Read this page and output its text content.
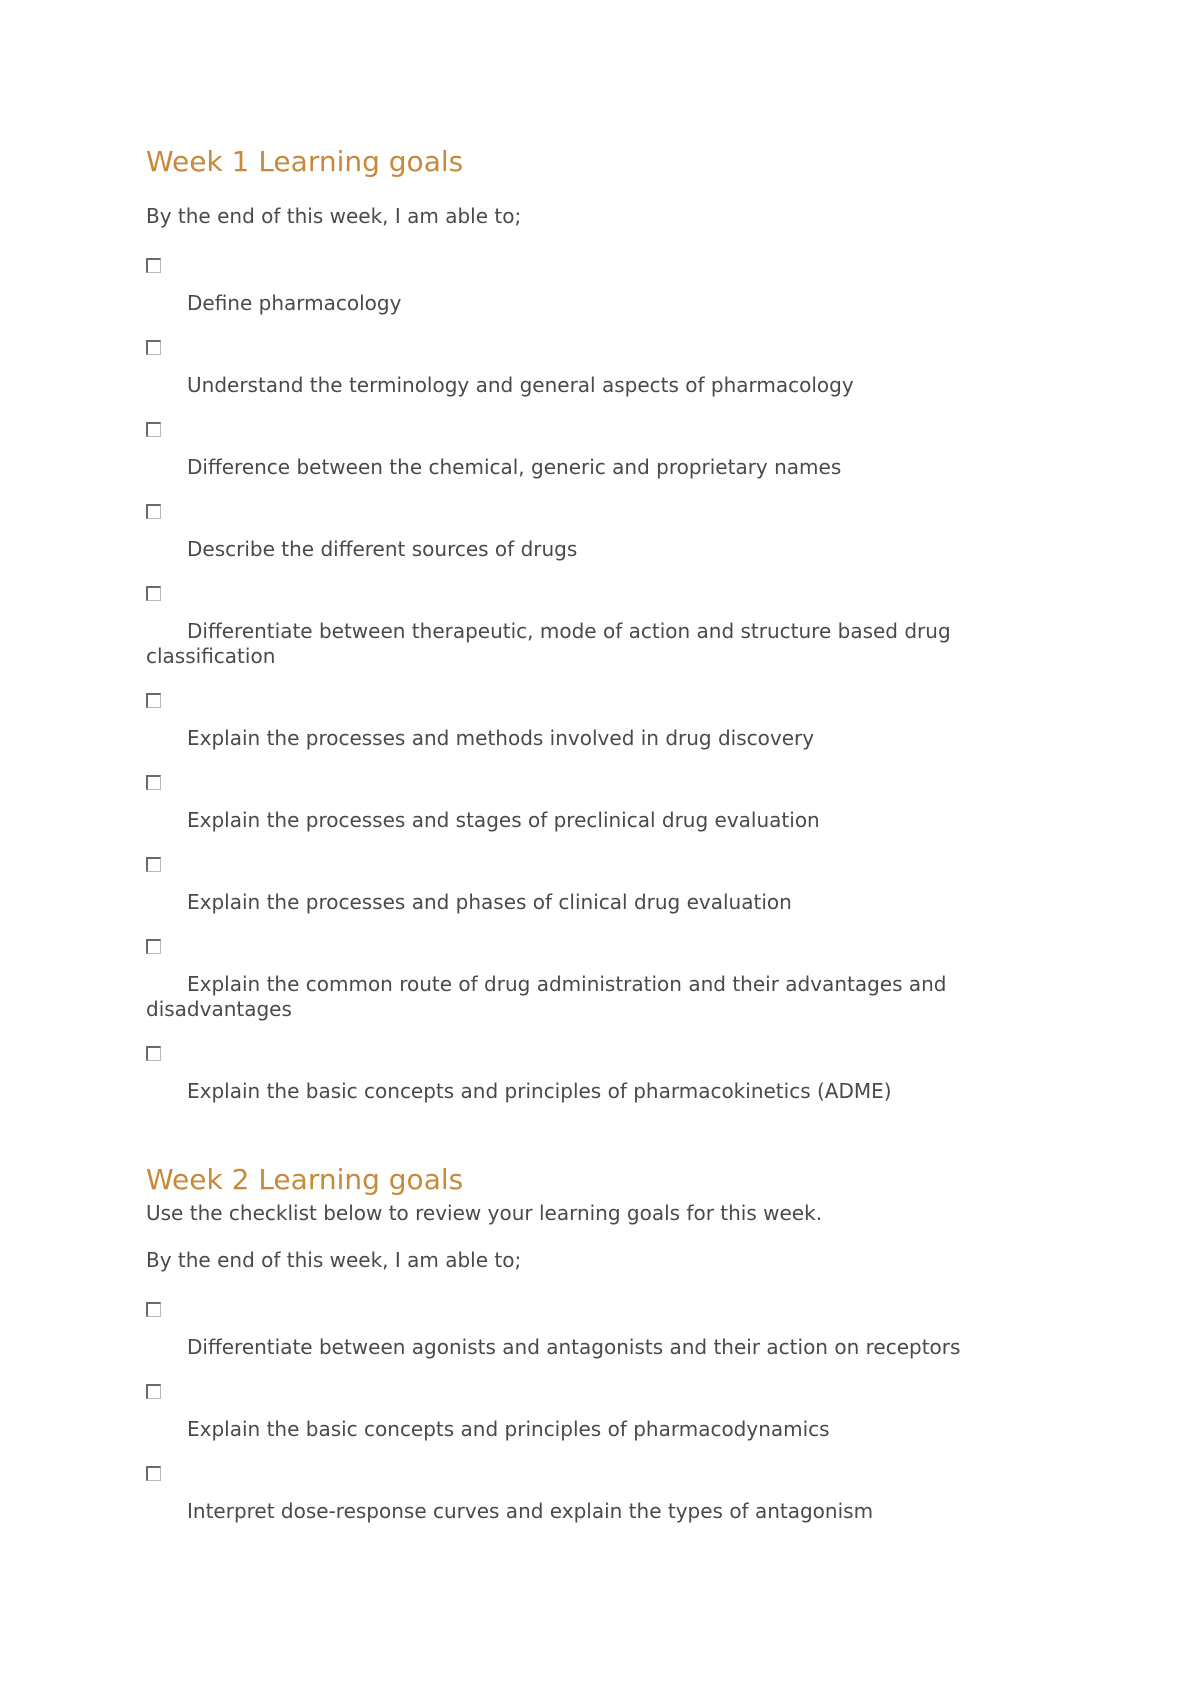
Week 1 Learning goals

By the end of this week, I am able to;

Define pharmacology
Understand the terminology and general aspects of pharmacology
Difference between the chemical, generic and proprietary names
Describe the different sources of drugs
Differentiate between therapeutic, mode of action and structure based drug classification
Explain the processes and methods involved in drug discovery
Explain the processes and stages of preclinical drug evaluation
Explain the processes and phases of clinical drug evaluation
Explain the common route of drug administration and their advantages and disadvantages
Explain the basic concepts and principles of pharmacokinetics (ADME)
Week 2 Learning goals

Use the checklist below to review your learning goals for this week.

By the end of this week, I am able to;

Differentiate between agonists and antagonists and their action on receptors
Explain the basic concepts and principles of pharmacodynamics
Interpret dose-response curves and explain the types of antagonism
